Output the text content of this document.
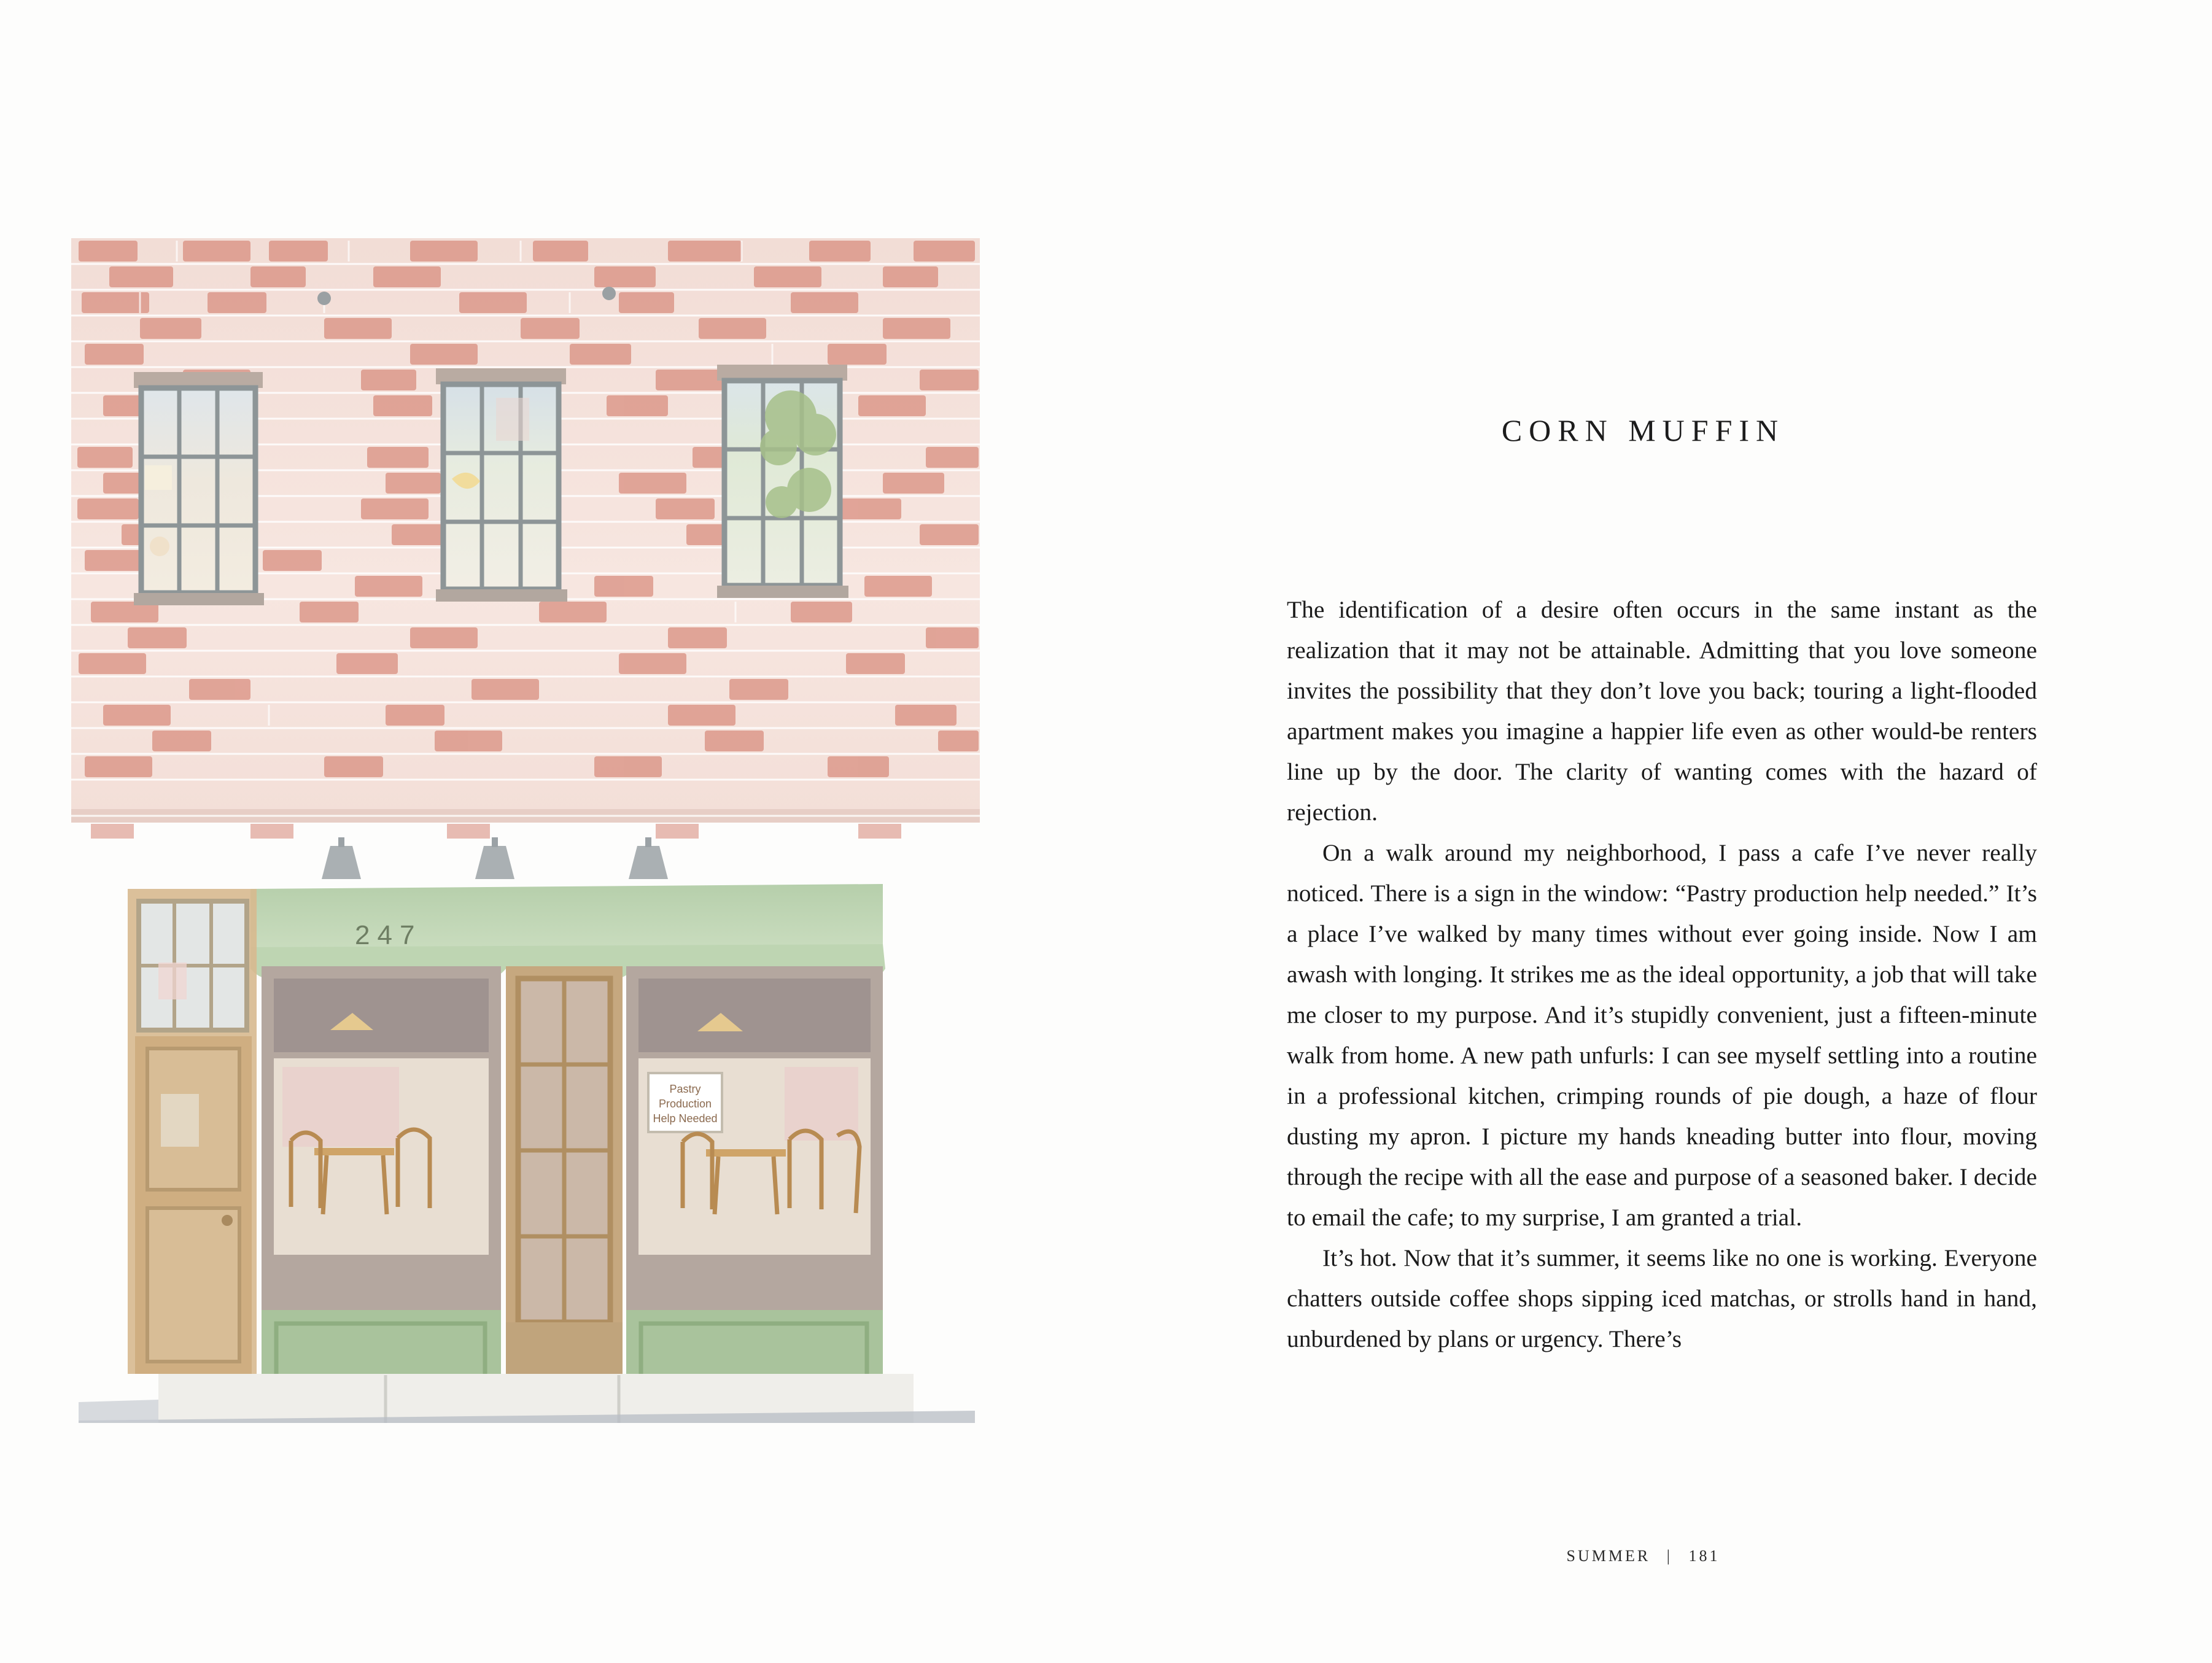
247
Pastry
Production
Help Needed
CORN MUFFIN

The identification of a desire often occurs in the same instant as the realization that it may not be attainable. Admitting that you love someone invites the possibility that they don’t love you back; touring a light-flooded apartment makes you imagine a happier life even as other would-be renters line up by the door. The clarity of wanting comes with the hazard of rejection.

On a walk around my neighborhood, I pass a cafe I’ve never really noticed. There is a sign in the window: “Pastry production help needed.” It’s a place I’ve walked by many times without ever going inside. Now I am awash with longing. It strikes me as the ideal opportunity, a job that will take me closer to my purpose. And it’s stupidly convenient, just a fifteen-minute walk from home. A new path unfurls: I can see myself settling into a routine in a professional kitchen, crimping rounds of pie dough, a haze of flour dusting my apron. I picture my hands kneading butter into flour, moving through the recipe with all the ease and purpose of a seasoned baker. I decide to email the cafe; to my surprise, I am granted a trial.

It’s hot. Now that it’s summer, it seems like no one is working. Everyone chatters outside coffee shops sipping iced matchas, or strolls hand in hand, unburdened by plans or urgency. There’s

SUMMER | 181
